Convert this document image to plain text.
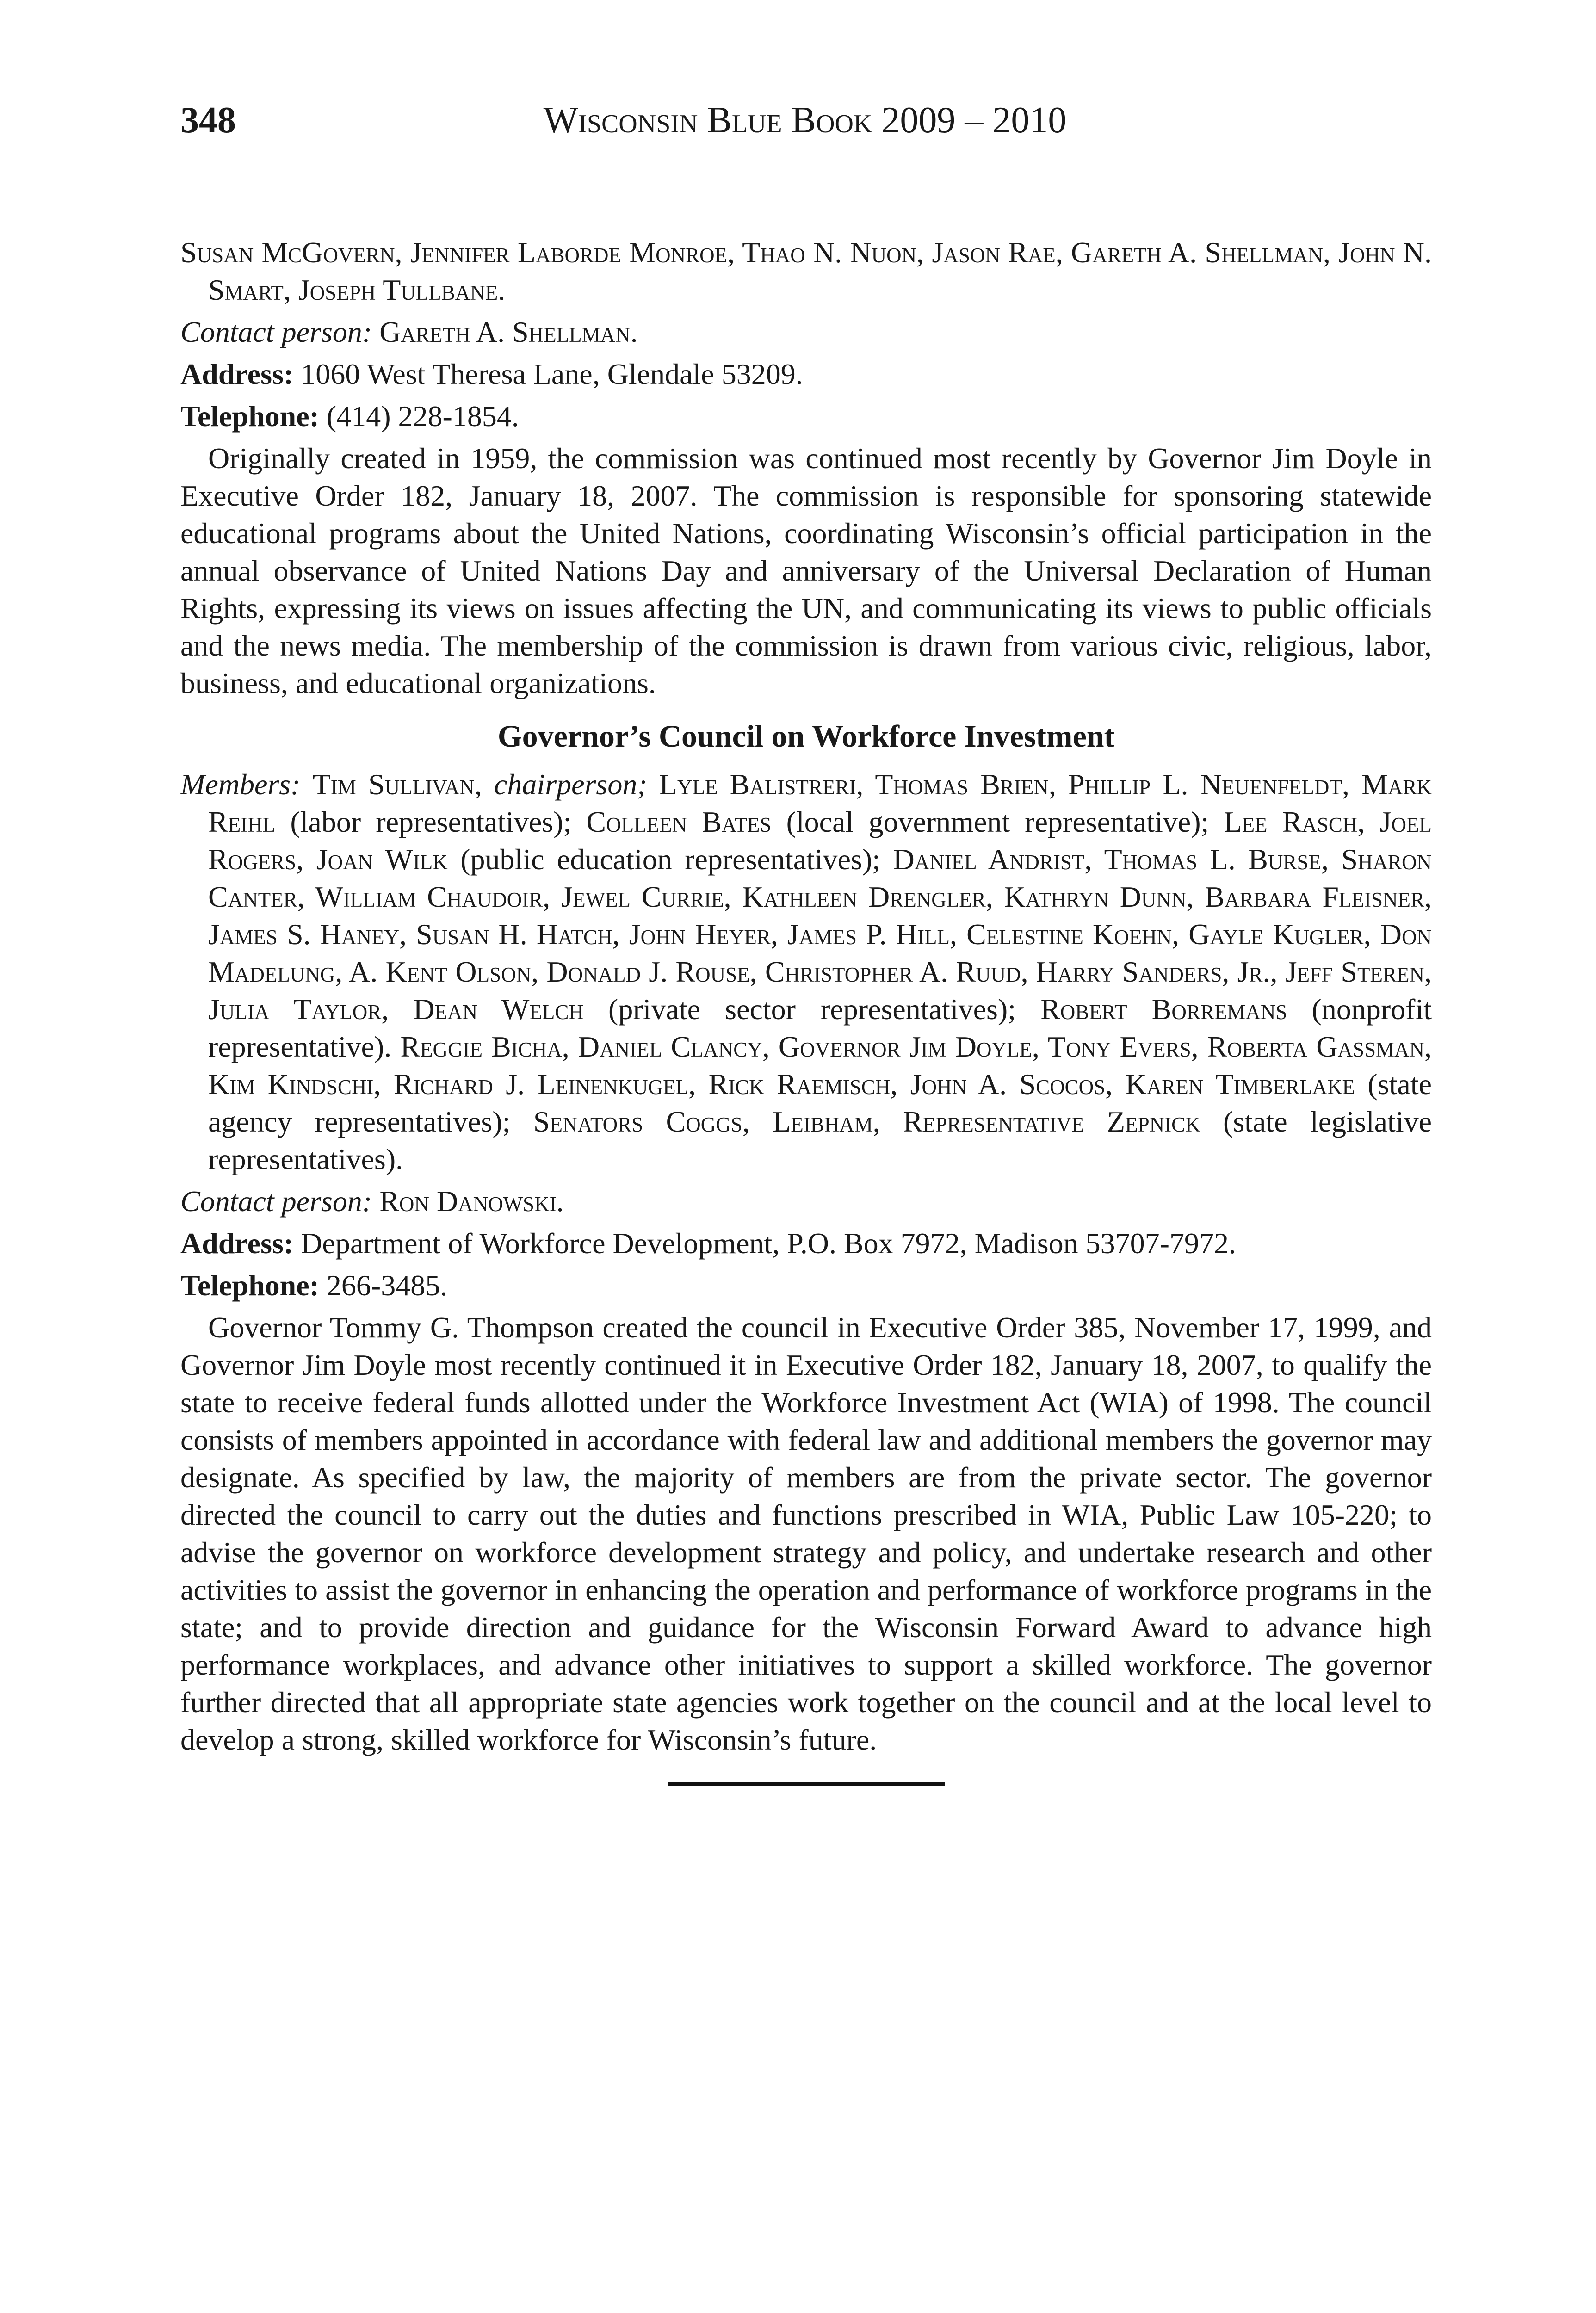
348	Wisconsin Blue Book 2009 – 2010

Susan McGovern, Jennifer Laborde Monroe, Thao N. Nuon, Jason Rae, Gareth A. Shellman, John N. Smart, Joseph Tullbane.

Contact person: Gareth A. Shellman.

Address: 1060 West Theresa Lane, Glendale 53209.

Telephone: (414) 228-1854.

Originally created in 1959, the commission was continued most recently by Governor Jim Doyle in Executive Order 182, January 18, 2007. The commission is responsible for sponsoring statewide educational programs about the United Nations, coordinating Wisconsin’s official participation in the annual observance of United Nations Day and anniversary of the Universal Declaration of Human Rights, expressing its views on issues affecting the UN, and communicating its views to public officials and the news media. The membership of the commission is drawn from various civic, religious, labor, business, and educational organizations.

Governor’s Council on Workforce Investment

Members: Tim Sullivan, chairperson; Lyle Balistreri, Thomas Brien, Phillip L. Neuenfeldt, Mark Reihl (labor representatives); Colleen Bates (local government representative); Lee Rasch, Joel Rogers, Joan Wilk (public education representatives); Daniel Andrist, Thomas L. Burse, Sharon Canter, William Chaudoir, Jewel Currie, Kathleen Drengler, Kathryn Dunn, Barbara Fleisner, James S. Haney, Susan H. Hatch, John Heyer, James P. Hill, Celestine Koehn, Gayle Kugler, Don Madelung, A. Kent Olson, Donald J. Rouse, Christopher A. Ruud, Harry Sanders, Jr., Jeff Steren, Julia Taylor, Dean Welch (private sector representatives); Robert Borremans (nonprofit representative). Reggie Bicha, Daniel Clancy, Governor Jim Doyle, Tony Evers, Roberta Gassman, Kim Kindschi, Richard J. Leinenkugel, Rick Raemisch, John A. Scocos, Karen Timberlake (state agency representatives); Senators Coggs, Leibham, Representative Zepnick (state legislative representatives).

Contact person: Ron Danowski.

Address: Department of Workforce Development, P.O. Box 7972, Madison 53707-7972.

Telephone: 266-3485.

Governor Tommy G. Thompson created the council in Executive Order 385, November 17, 1999, and Governor Jim Doyle most recently continued it in Executive Order 182, January 18, 2007, to qualify the state to receive federal funds allotted under the Workforce Investment Act (WIA) of 1998. The council consists of members appointed in accordance with federal law and additional members the governor may designate. As specified by law, the majority of members are from the private sector. The governor directed the council to carry out the duties and functions prescribed in WIA, Public Law 105-220; to advise the governor on workforce development strategy and policy, and undertake research and other activities to assist the governor in enhancing the operation and performance of workforce programs in the state; and to provide direction and guidance for the Wisconsin Forward Award to advance high performance workplaces, and advance other initiatives to support a skilled workforce. The governor further directed that all appropriate state agencies work together on the council and at the local level to develop a strong, skilled workforce for Wisconsin’s future.
